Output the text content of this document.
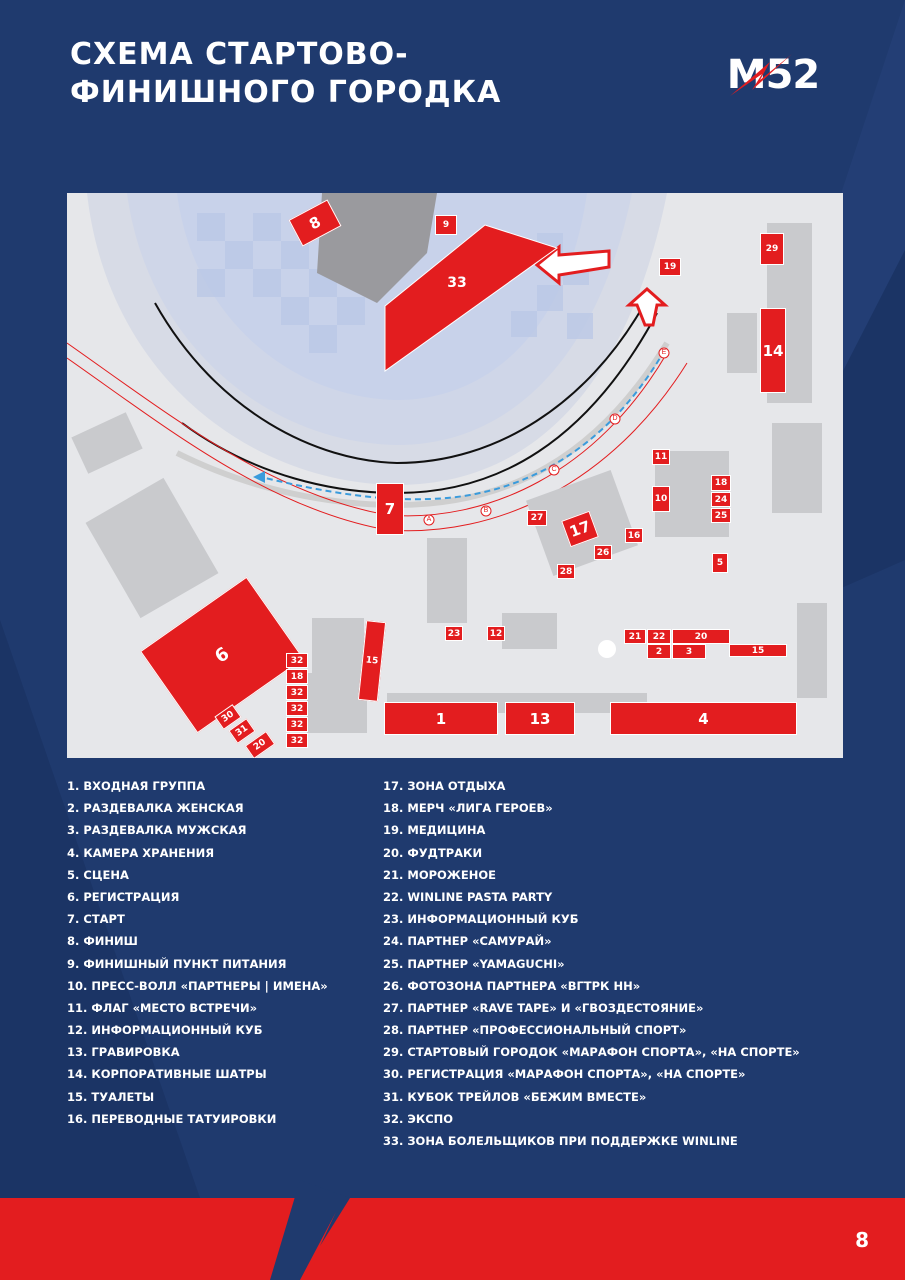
СХЕМА СТАРТОВО-
ФИНИШНОГО ГОРОДКА	М52
A
B
C
D
E
8	9
33
19
29
14
7
11
10
18
24
25
27	17	16
26
28
5
6
23	12	21	22	20
2	3	15
15
32
18
32
32
32
32
30
31
20
1	13	4
1. ВХОДНАЯ ГРУППА
2. РАЗДЕВАЛКА ЖЕНСКАЯ
3. РАЗДЕВАЛКА МУЖСКАЯ
4. КАМЕРА ХРАНЕНИЯ
5. СЦЕНА
6. РЕГИСТРАЦИЯ
7. СТАРТ
8. ФИНИШ
9. ФИНИШНЫЙ ПУНКТ ПИТАНИЯ
10. ПРЕСС-ВОЛЛ «ПАРТНЕРЫ | ИМЕНА»
11. ФЛАГ «МЕСТО ВСТРЕЧИ»
12. ИНФОРМАЦИОННЫЙ КУБ
13. ГРАВИРОВКА
14. КОРПОРАТИВНЫЕ ШАТРЫ
15. ТУАЛЕТЫ
16. ПЕРЕВОДНЫЕ ТАТУИРОВКИ
17. ЗОНА ОТДЫХА
18. МЕРЧ «ЛИГА ГЕРОЕВ»
19. МЕДИЦИНА
20. ФУДТРАКИ
21. МОРОЖЕНОЕ
22. WINLINE PASTA PARTY
23. ИНФОРМАЦИОННЫЙ КУБ
24. ПАРТНЕР «САМУРАЙ»
25. ПАРТНЕР «YAMAGUCHI»
26. ФОТОЗОНА ПАРТНЕРА «ВГТРК НН»
27. ПАРТНЕР «RAVE TAPE» И «ГВОЗДЕСТОЯНИЕ»
28. ПАРТНЕР «ПРОФЕССИОНАЛЬНЫЙ СПОРТ»
29. СТАРТОВЫЙ ГОРОДОК «МАРАФОН СПОРТА», «НА СПОРТЕ»
30. РЕГИСТРАЦИЯ «МАРАФОН СПОРТА», «НА СПОРТЕ»
31. КУБОК ТРЕЙЛОВ «БЕЖИМ ВМЕСТЕ»
32. ЭКСПО
33. ЗОНА БОЛЕЛЬЩИКОВ ПРИ ПОДДЕРЖКЕ WINLINE
8
